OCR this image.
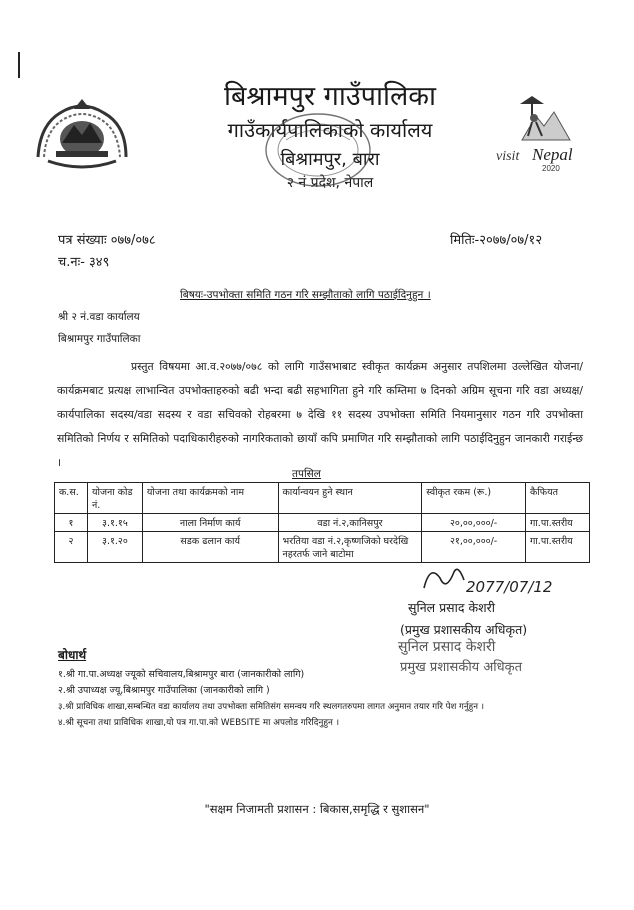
बिश्रामपुर गाउँपालिका
गाउँकार्यपालिकाको कार्यालय
बिश्रामपुर, बारा
२ नं प्रदेश, नेपाल
visit Nepal
2020
पत्र संख्याः ०७७/०७८	मितिः-२०७७/०७/१२
च.नः- ३४९
बिषयः-उपभोक्ता समिति गठन गरि सम्झौताको लागि पठाईदिनुहुन ।
श्री २ नं.वडा कार्यालय
बिश्रामपुर गाउँपालिका
प्रस्तुत विषयमा आ.व.२०७७/०७८ को लागि गाउँसभाबाट स्वीकृत कार्यक्रम अनुसार तपशिलमा उल्लेखित योजना/कार्यक्रमबाट प्रत्यक्ष लाभान्वित उपभोक्ताहरुको बढी भन्दा बढी सहभागिता हुने गरि कम्तिमा ७ दिनको अग्रिम सूचना गरि वडा अध्यक्ष/कार्यपालिका सदस्य/वडा सदस्य र वडा सचिवको रोहबरमा ७ देखि ११ सदस्य उपभोक्ता समिति नियमानुसार गठन गरि उपभोक्ता समितिको निर्णय र समितिको पदाधिकारीहरुको नागरिकताको छायाँ कपि प्रमाणित गरि सम्झौताको लागि पठाईदिनुहुन जानकारी गराईन्छ ।
तपसिल
क.स.	योजना कोड नं.	योजना तथा कार्यक्रमको नाम	कार्यान्वयन हुने स्थान	स्वीकृत रकम (रू.)	कैफियत
१	३.१.१५	नाला निर्माण कार्य	वडा नं.२,कानिसपुर	२०,००,०००/-	गा.पा.स्तरीय
२	३.१.२०	सडक ढलान कार्य	भरतिया वडा नं.२,कृष्णजिको घरदेखि नहरतर्फ जाने बाटोमा	२१,००,०००/-	गा.पा.स्तरीय
2077/07/12
सुनिल प्रसाद केशरी
(प्रमुख प्रशासकीय अधिकृत)
सुनिल प्रसाद केशरी
प्रमुख प्रशासकीय अधिकृत
बोधार्थ
१.श्री गा.पा.अध्यक्ष ज्यूको सचिवालय,बिश्रामपुर बारा (जानकारीको लागि)
२.श्री उपाध्यक्ष ज्यू,बिश्रामपुर गाउँपालिका (जानकारीको लागि )
३.श्री प्राविधिक शाखा,सम्बन्धित वडा कार्यालय तथा उपभोक्ता समितिसंग समन्वय गरि स्थलगतरुपमा लागत अनुमान तयार गरि पेश गर्नुहुन ।
४.श्री सूचना तथा प्राविधिक शाखा,यो पत्र गा.पा.को WEBSITE मा अपलोड गरिदिनुहुन ।
"सक्षम निजामती प्रशासन : बिकास,समृद्धि र सुशासन"
